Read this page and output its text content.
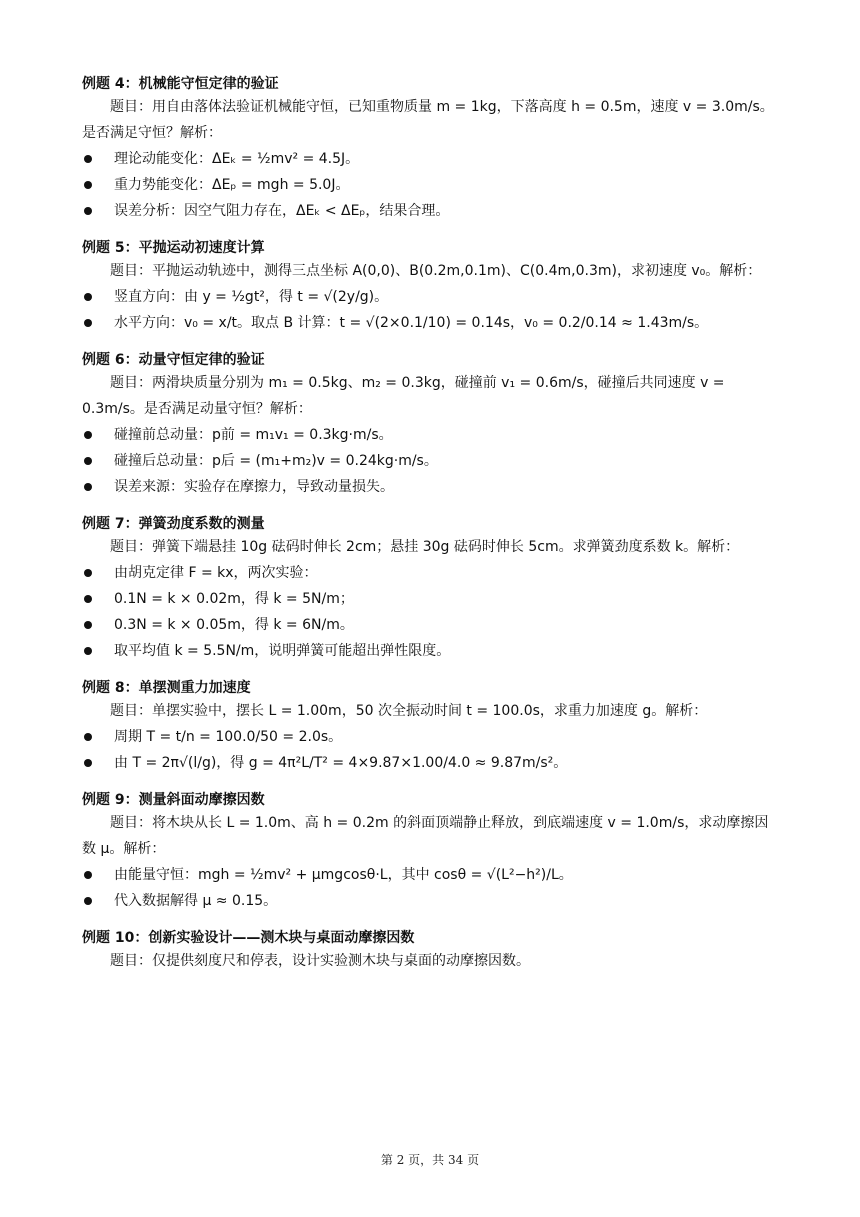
例题 4：机械能守恒定律的验证

题目：用自由落体法验证机械能守恒，已知重物质量 m = 1kg，下落高度 h = 0.5m，速度 v = 3.0m/s。是否满足守恒？解析：

理论动能变化：ΔEₖ = ½mv² = 4.5J。
重力势能变化：ΔEₚ = mgh = 5.0J。
误差分析：因空气阻力存在，ΔEₖ < ΔEₚ，结果合理。

例题 5：平抛运动初速度计算

题目：平抛运动轨迹中，测得三点坐标 A(0,0)、B(0.2m,0.1m)、C(0.4m,0.3m)，求初速度 v₀。解析：

竖直方向：由 y = ½gt²，得 t = √(2y/g)。
水平方向：v₀ = x/t。取点 B 计算：t = √(2×0.1/10) = 0.14s，v₀ = 0.2/0.14 ≈ 1.43m/s。

例题 6：动量守恒定律的验证

题目：两滑块质量分别为 m₁ = 0.5kg、m₂ = 0.3kg，碰撞前 v₁ = 0.6m/s，碰撞后共同速度 v = 0.3m/s。是否满足动量守恒？解析：

碰撞前总动量：p前 = m₁v₁ = 0.3kg·m/s。
碰撞后总动量：p后 = (m₁+m₂)v = 0.24kg·m/s。
误差来源：实验存在摩擦力，导致动量损失。

例题 7：弹簧劲度系数的测量

题目：弹簧下端悬挂 10g 砝码时伸长 2cm；悬挂 30g 砝码时伸长 5cm。求弹簧劲度系数 k。解析：

由胡克定律 F = kx，两次实验：
0.1N = k × 0.02m，得 k = 5N/m；
0.3N = k × 0.05m，得 k = 6N/m。
取平均值 k = 5.5N/m，说明弹簧可能超出弹性限度。

例题 8：单摆测重力加速度

题目：单摆实验中，摆长 L = 1.00m，50 次全振动时间 t = 100.0s，求重力加速度 g。解析：

周期 T = t/n = 100.0/50 = 2.0s。
由 T = 2π√(l/g)，得 g = 4π²L/T² = 4×9.87×1.00/4.0 ≈ 9.87m/s²。

例题 9：测量斜面动摩擦因数

题目：将木块从长 L = 1.0m、高 h = 0.2m 的斜面顶端静止释放，到底端速度 v = 1.0m/s，求动摩擦因数 μ。解析：

由能量守恒：mgh = ½mv² + μmgcosθ·L，其中 cosθ = √(L²−h²)/L。
代入数据解得 μ ≈ 0.15。

例题 10：创新实验设计——测木块与桌面动摩擦因数

题目：仅提供刻度尺和停表，设计实验测木块与桌面的动摩擦因数。

第 2 页，共 34 页
